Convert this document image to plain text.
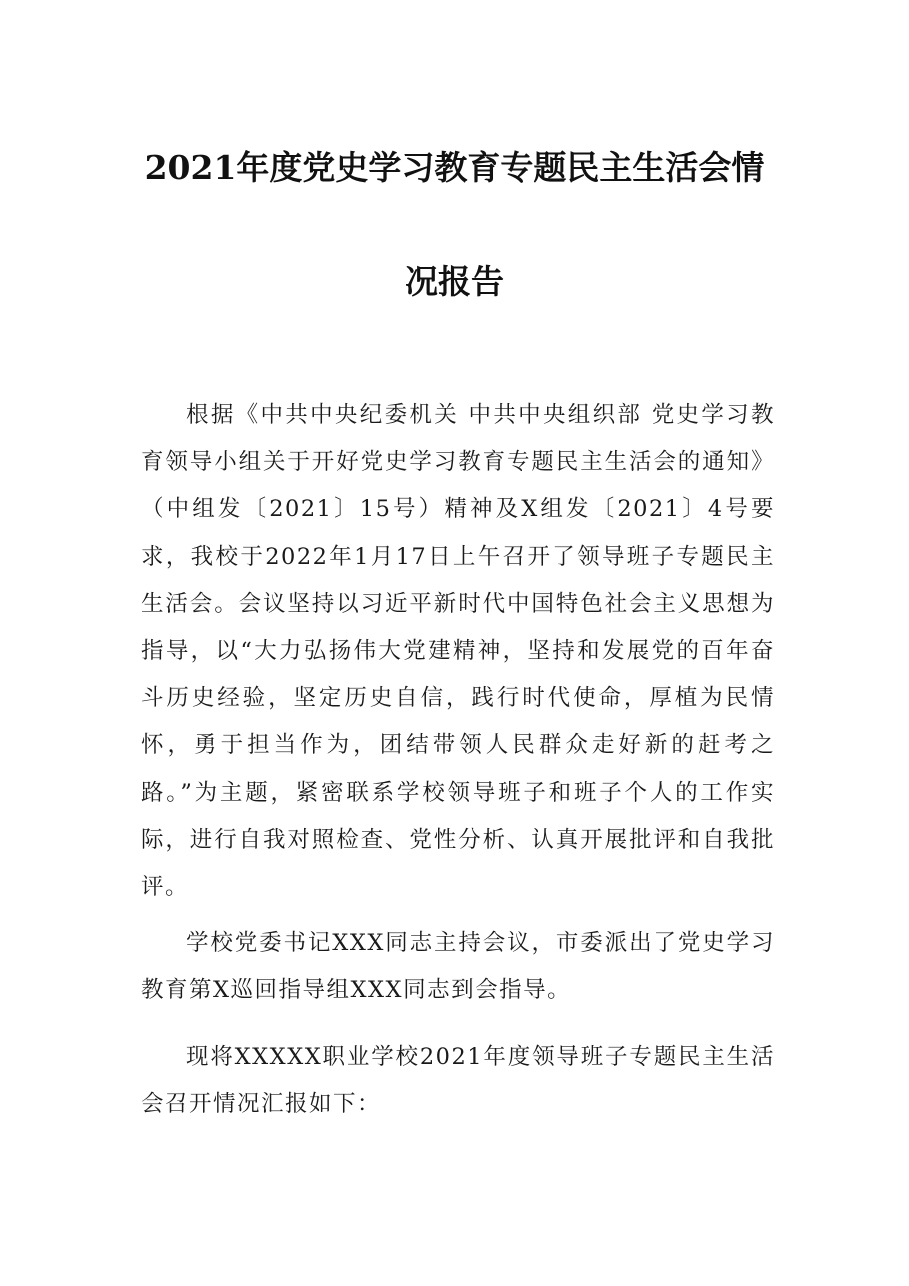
2021年度党史学习教育专题民主生活会情
况报告

根据《中共中央纪委机关 中共中央组织部 党史学习教育领导小组关于开好党史学习教育专题民主生活会的通知》（中组发〔2021〕15号）精神及X组发〔2021〕4号要求，我校于2022年1月17日上午召开了领导班子专题民主生活会。会议坚持以习近平新时代中国特色社会主义思想为指导，以“大力弘扬伟大党建精神，坚持和发展党的百年奋斗历史经验，坚定历史自信，践行时代使命，厚植为民情怀，勇于担当作为，团结带领人民群众走好新的赶考之路。”为主题，紧密联系学校领导班子和班子个人的工作实际，进行自我对照检查、党性分析、认真开展批评和自我批评。

学校党委书记XXX同志主持会议，市委派出了党史学习教育第X巡回指导组XXX同志到会指导。

现将XXXXX职业学校2021年度领导班子专题民主生活会召开情况汇报如下：
